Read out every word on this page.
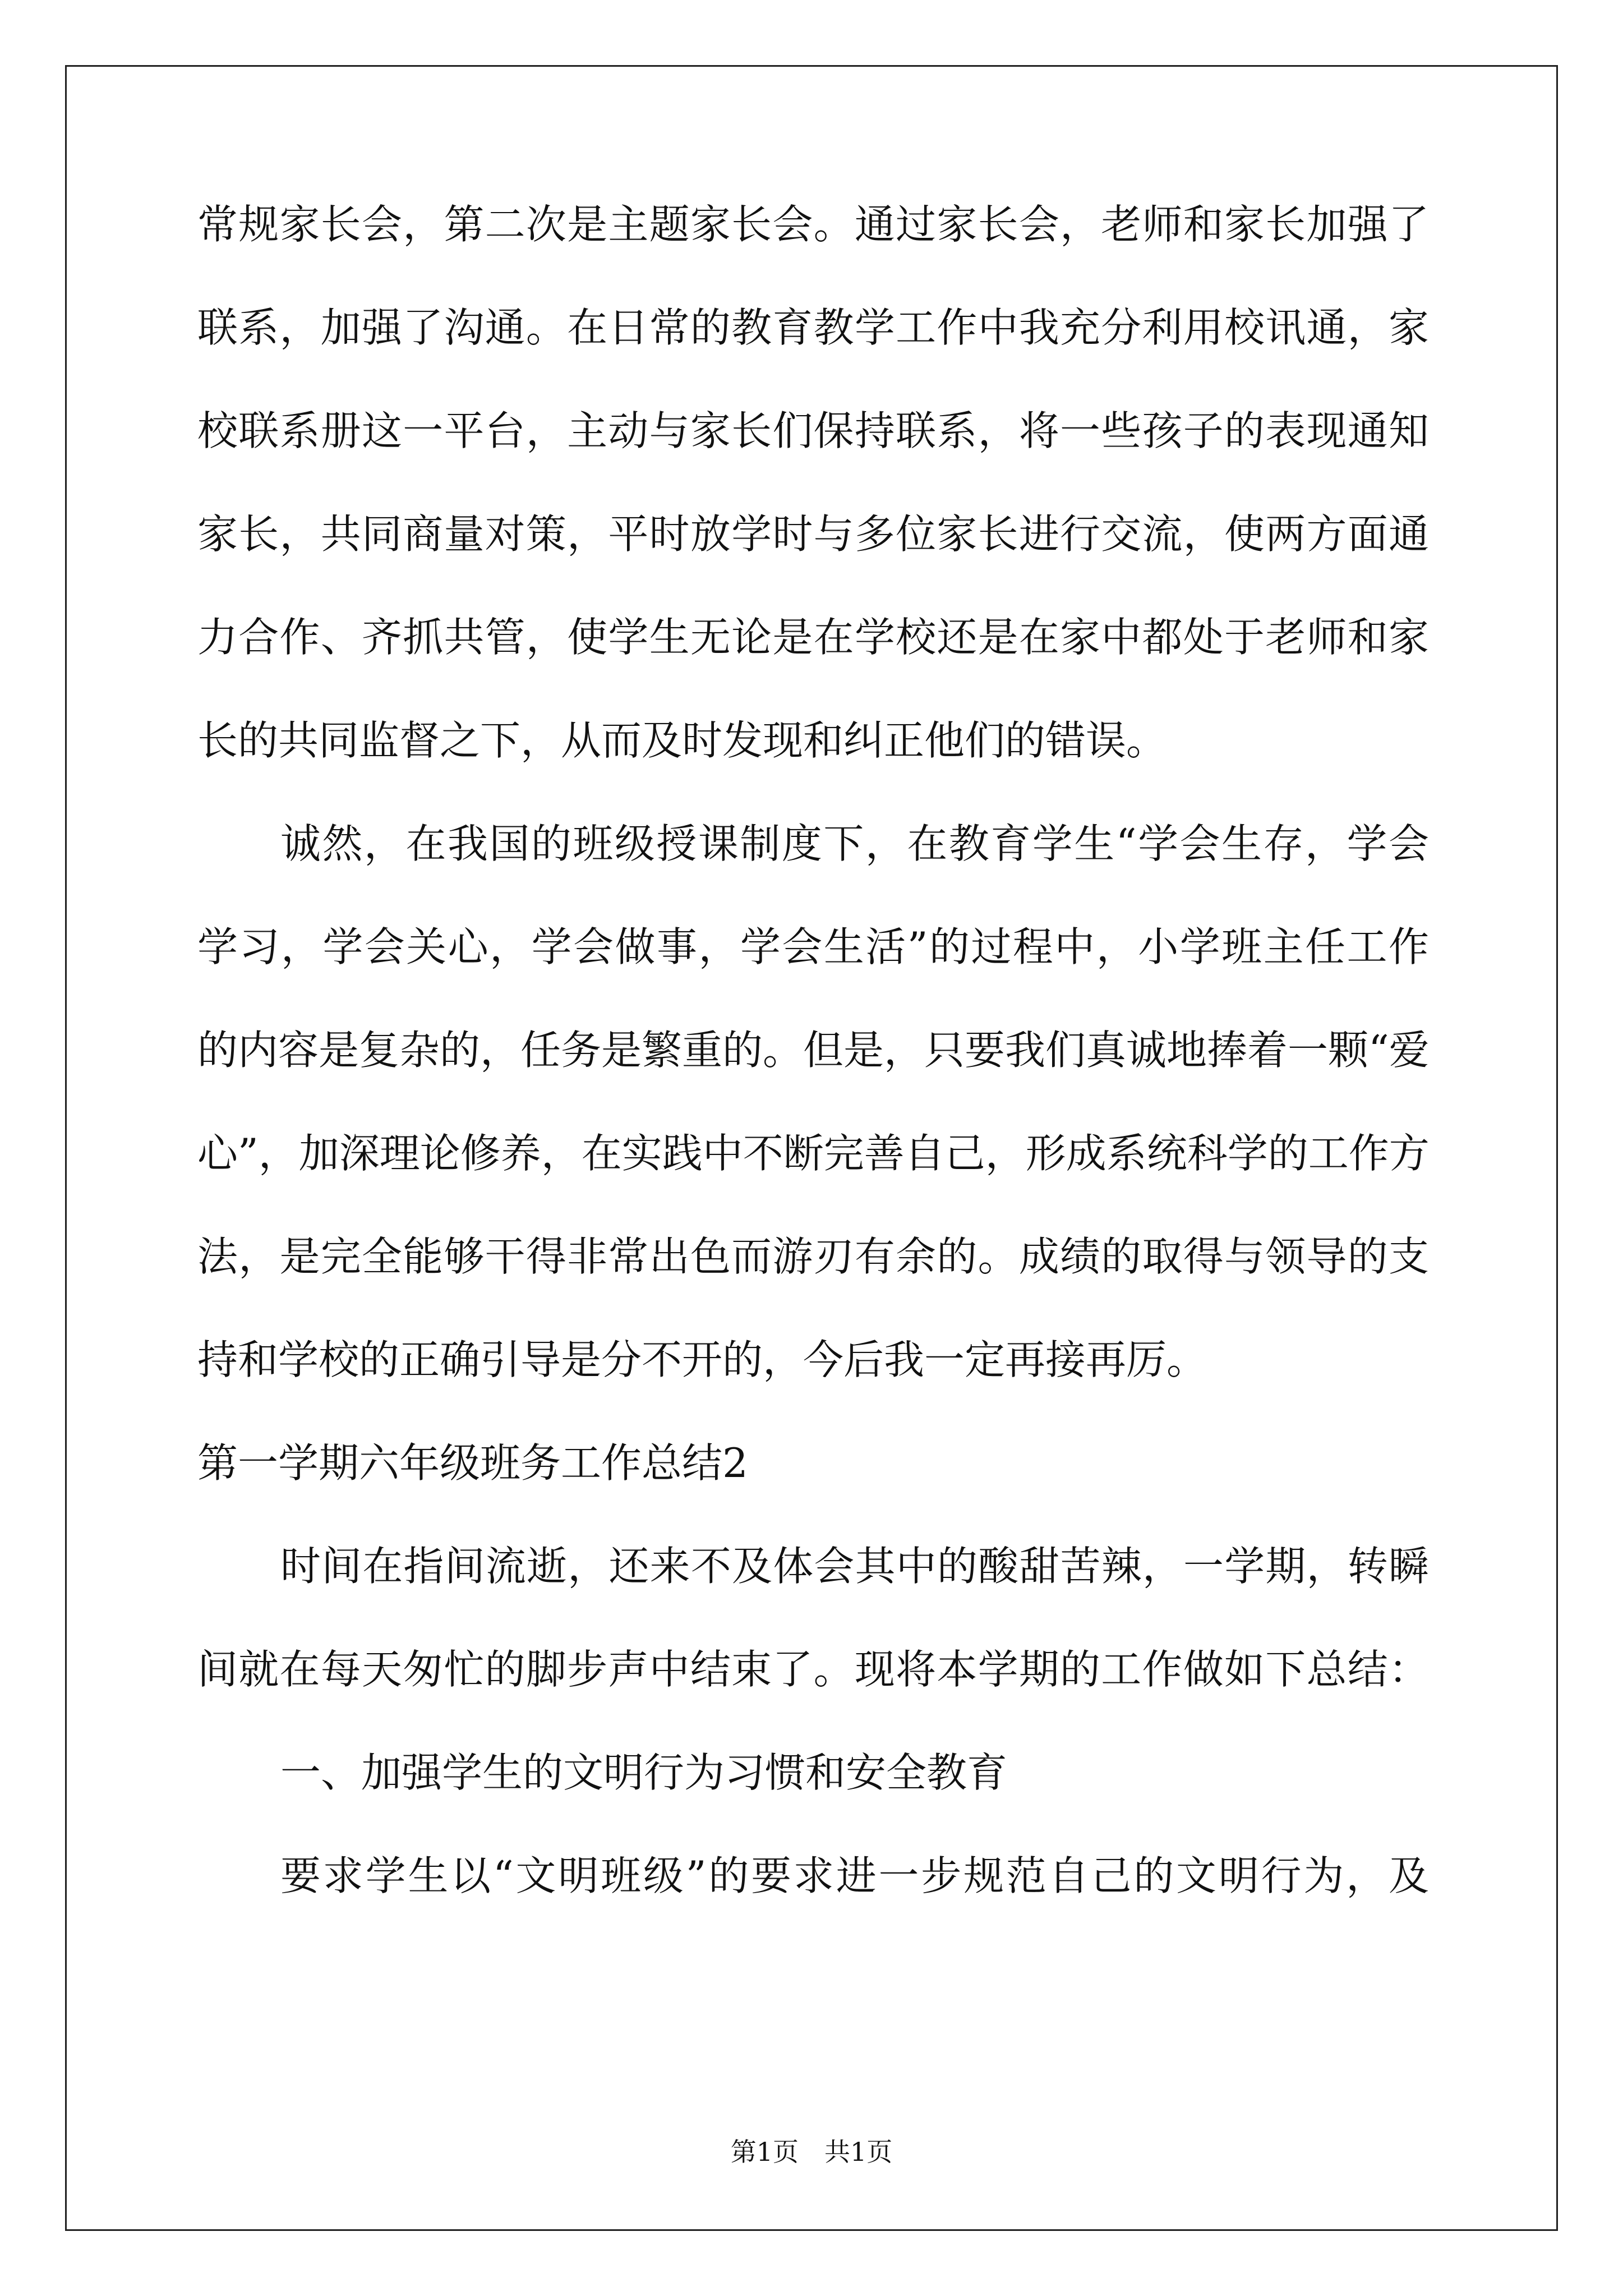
常规家长会，第二次是主题家长会。通过家长会，老师和家长加强了
联系，加强了沟通。在日常的教育教学工作中我充分利用校讯通，家
校联系册这一平台，主动与家长们保持联系，将一些孩子的表现通知
家长，共同商量对策，平时放学时与多位家长进行交流，使两方面通
力合作、齐抓共管，使学生无论是在学校还是在家中都处于老师和家
长的共同监督之下，从而及时发现和纠正他们的错误。
诚然，在我国的班级授课制度下，在教育学生“学会生存，学会
学习，学会关心，学会做事，学会生活”的过程中，小学班主任工作
的内容是复杂的，任务是繁重的。但是，只要我们真诚地捧着一颗“爱
心”，加深理论修养，在实践中不断完善自己，形成系统科学的工作方
法，是完全能够干得非常出色而游刃有余的。成绩的取得与领导的支
持和学校的正确引导是分不开的，今后我一定再接再厉。
第一学期六年级班务工作总结2
时间在指间流逝，还来不及体会其中的酸甜苦辣，一学期，转瞬
间就在每天匆忙的脚步声中结束了。现将本学期的工作做如下总结：
一、加强学生的文明行为习惯和安全教育
要求学生以“文明班级”的要求进一步规范自己的文明行为，及
第1页　共1页
